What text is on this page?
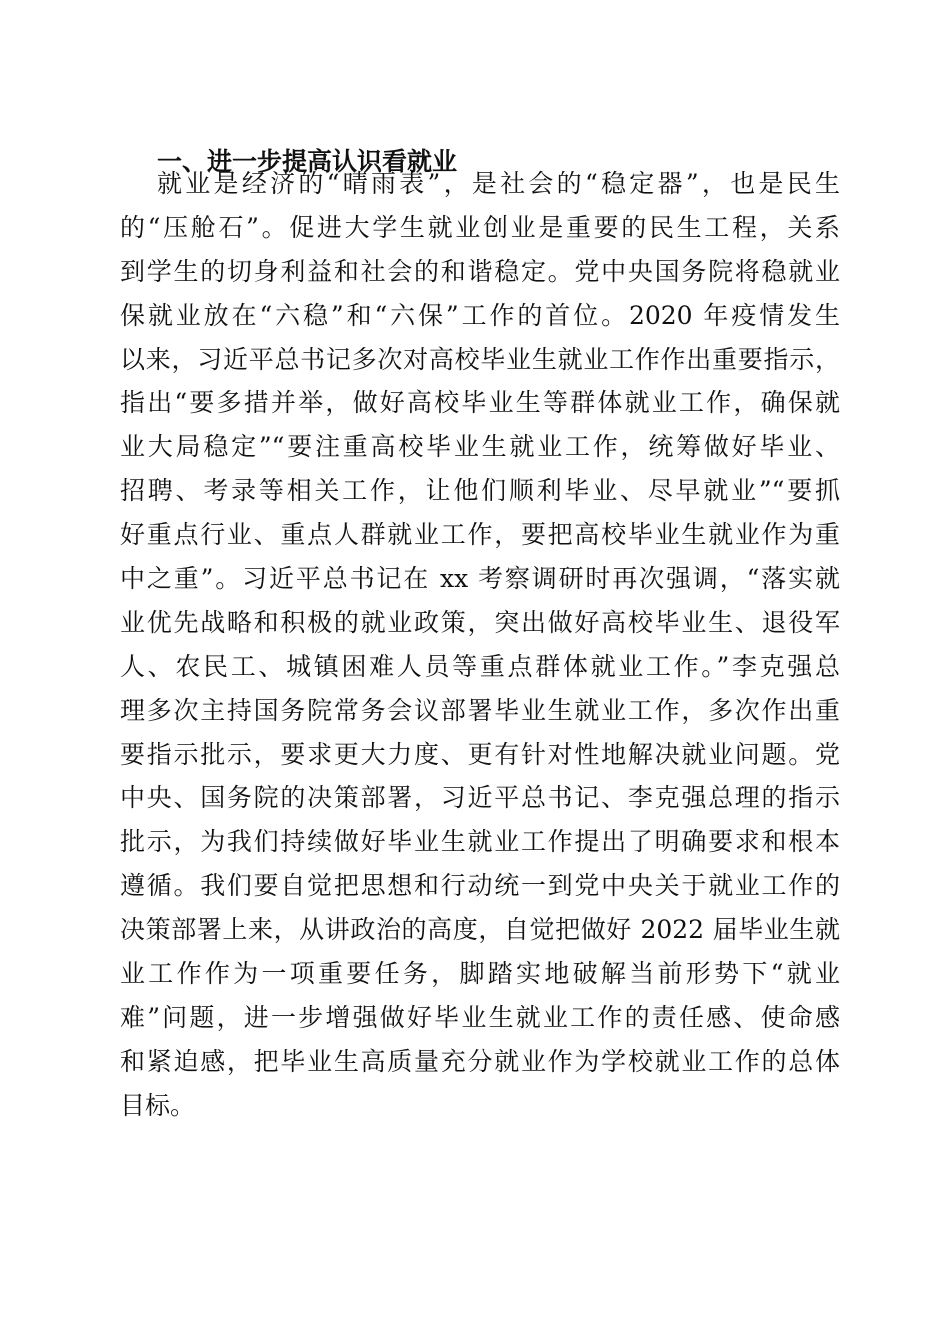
一、进一步提高认识看就业
就业是经济的“晴雨表”，是社会的“稳定器”，也是民生
的“压舱石”。促进大学生就业创业是重要的民生工程，关系
到学生的切身利益和社会的和谐稳定。党中央国务院将稳就业
保就业放在“六稳”和“六保”工作的首位。2020 年疫情发生
以来，习近平总书记多次对高校毕业生就业工作作出重要指示，
指出“要多措并举，做好高校毕业生等群体就业工作，确保就
业大局稳定”“要注重高校毕业生就业工作，统筹做好毕业、
招聘、考录等相关工作，让他们顺利毕业、尽早就业”“要抓
好重点行业、重点人群就业工作，要把高校毕业生就业作为重
中之重”。习近平总书记在 xx 考察调研时再次强调，“落实就
业优先战略和积极的就业政策，突出做好高校毕业生、退役军
人、农民工、城镇困难人员等重点群体就业工作。”李克强总
理多次主持国务院常务会议部署毕业生就业工作，多次作出重
要指示批示，要求更大力度、更有针对性地解决就业问题。党
中央、国务院的决策部署，习近平总书记、李克强总理的指示
批示，为我们持续做好毕业生就业工作提出了明确要求和根本
遵循。我们要自觉把思想和行动统一到党中央关于就业工作的
决策部署上来，从讲政治的高度，自觉把做好 2022 届毕业生就
业工作作为一项重要任务，脚踏实地破解当前形势下“就业
难”问题，进一步增强做好毕业生就业工作的责任感、使命感
和紧迫感，把毕业生高质量充分就业作为学校就业工作的总体
目标。
